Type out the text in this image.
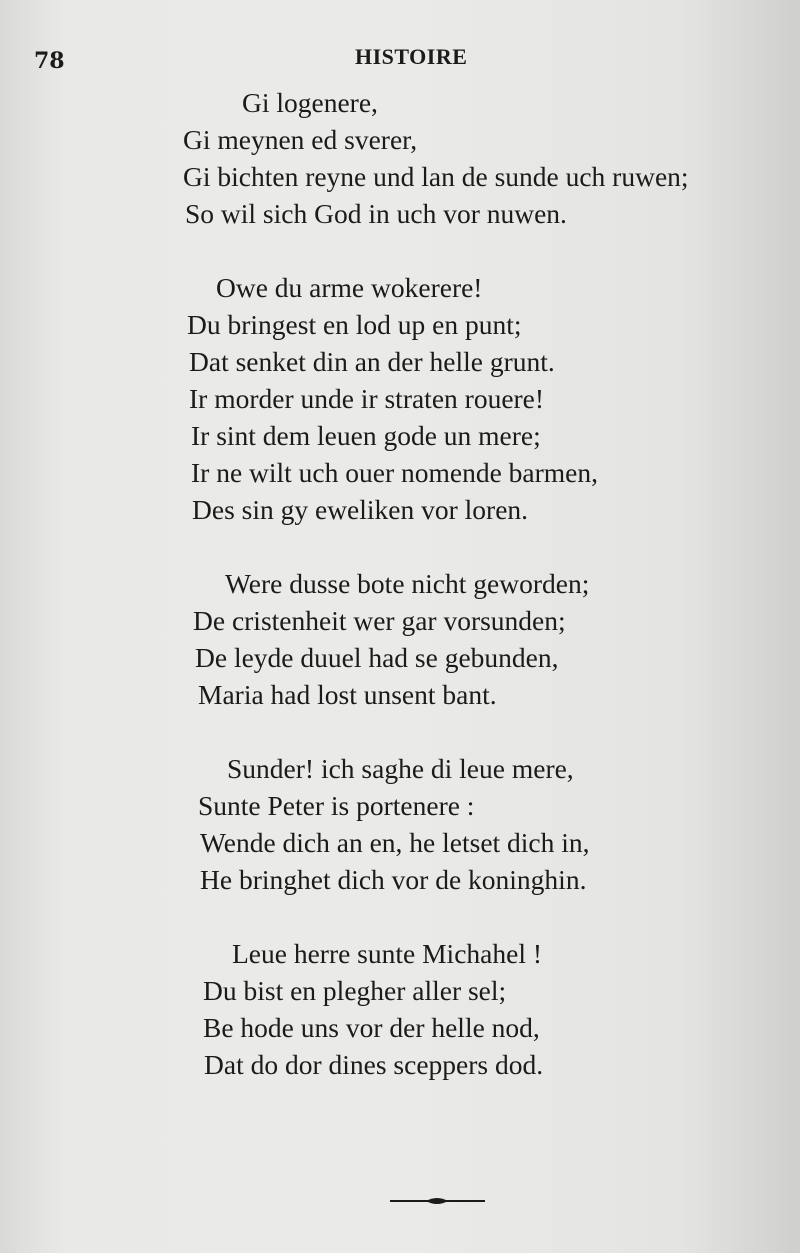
78	HISTOIRE
Gi logenere,
Gi meynen ed sverer,
Gi bichten reyne und lan de sunde uch ruwen;
So wil sich God in uch vor nuwen.
Owe du arme wokerere!
Du bringest en lod up en punt;
Dat senket din an der helle grunt.
Ir morder unde ir straten rouere!
Ir sint dem leuen gode un mere;
Ir ne wilt uch ouer nomende barmen,
Des sin gy eweliken vor loren.
Were dusse bote nicht geworden;
De cristenheit wer gar vorsunden;
De leyde duuel had se gebunden,
Maria had lost unsent bant.
Sunder! ich saghe di leue mere,
Sunte Peter is portenere :
Wende dich an en, he letset dich in,
He bringhet dich vor de koninghin.
Leue herre sunte Michahel !
Du bist en plegher aller sel;
Be hode uns vor der helle nod,
Dat do dor dines sceppers dod.
